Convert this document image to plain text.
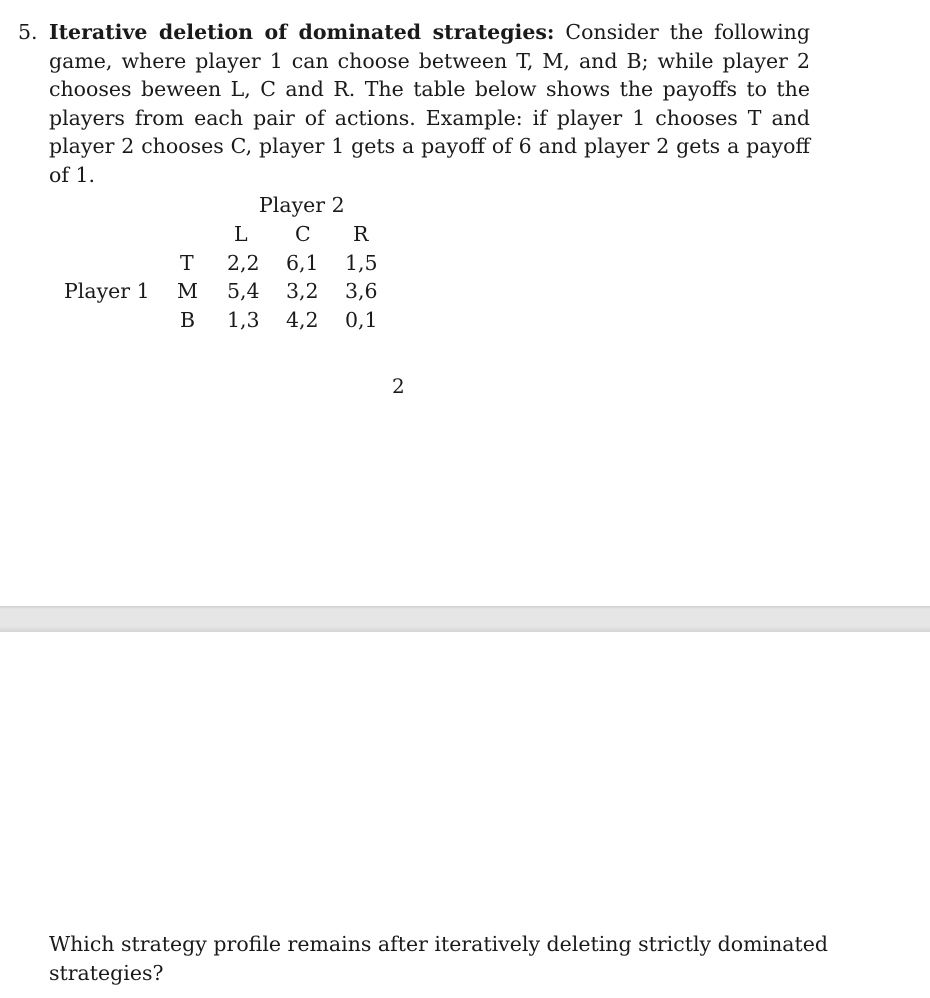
5. Iterative deletion of dominated strategies: Consider the following game, where player 1 can choose between T, M, and B; while player 2 chooses beween L, C and R. The table below shows the payoffs to the players from each pair of actions. Example: if player 1 chooses T and player 2 chooses C, player 1 gets a payoff of 6 and player 2 gets a payoff of 1.
Player 2
L C R
Player 1
T 2,2 6,1 1,5
M 5,4 3,2 3,6
B 1,3 4,2 0,1
2
Which strategy profile remains after iteratively deleting strictly dominated strategies?
